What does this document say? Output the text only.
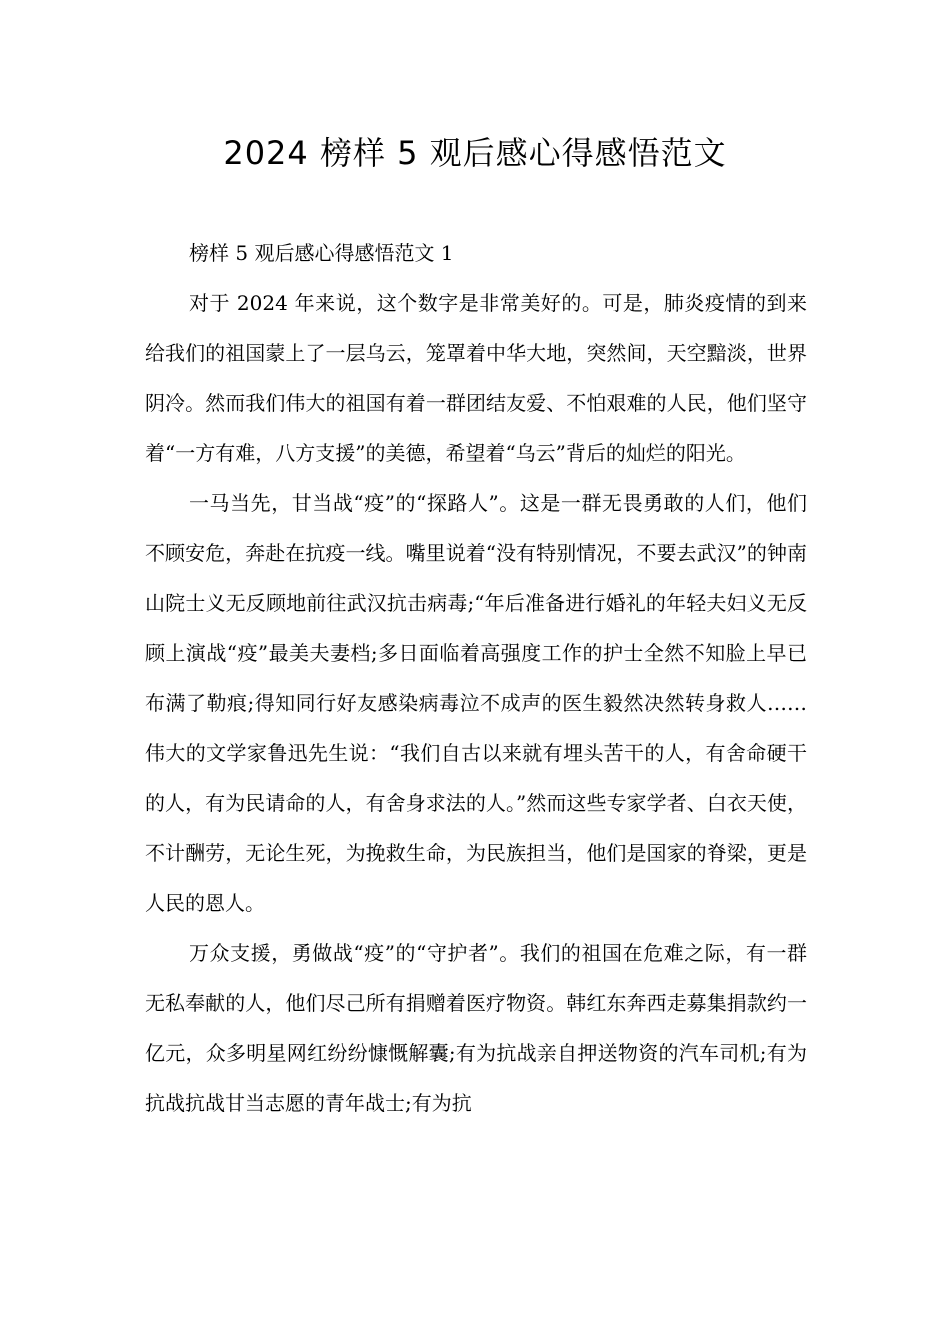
2024 榜样 5 观后感心得感悟范文

榜样 5 观后感心得感悟范文 1

对于 2024 年来说，这个数字是非常美好的。可是，肺炎疫情的到来给我们的祖国蒙上了一层乌云，笼罩着中华大地，突然间，天空黯淡，世界阴冷。然而我们伟大的祖国有着一群团结友爱、不怕艰难的人民，他们坚守着“一方有难，八方支援”的美德，希望着“乌云”背后的灿烂的阳光。

一马当先，甘当战“疫”的“探路人”。这是一群无畏勇敢的人们，他们不顾安危，奔赴在抗疫一线。嘴里说着“没有特别情况，不要去武汉”的钟南山院士义无反顾地前往武汉抗击病毒;“年后准备进行婚礼的年轻夫妇义无反顾上演战“疫”最美夫妻档;多日面临着高强度工作的护士全然不知脸上早已布满了勒痕;得知同行好友感染病毒泣不成声的医生毅然决然转身救人……伟大的文学家鲁迅先生说：“我们自古以来就有埋头苦干的人，有舍命硬干的人，有为民请命的人，有舍身求法的人。”然而这些专家学者、白衣天使，不计酬劳，无论生死，为挽救生命，为民族担当，他们是国家的脊梁，更是人民的恩人。

万众支援，勇做战“疫”的“守护者”。我们的祖国在危难之际，有一群无私奉献的人，他们尽己所有捐赠着医疗物资。韩红东奔西走募集捐款约一亿元，众多明星网红纷纷慷慨解囊;有为抗战亲自押送物资的汽车司机;有为抗战抗战甘当志愿的青年战士;有为抗
